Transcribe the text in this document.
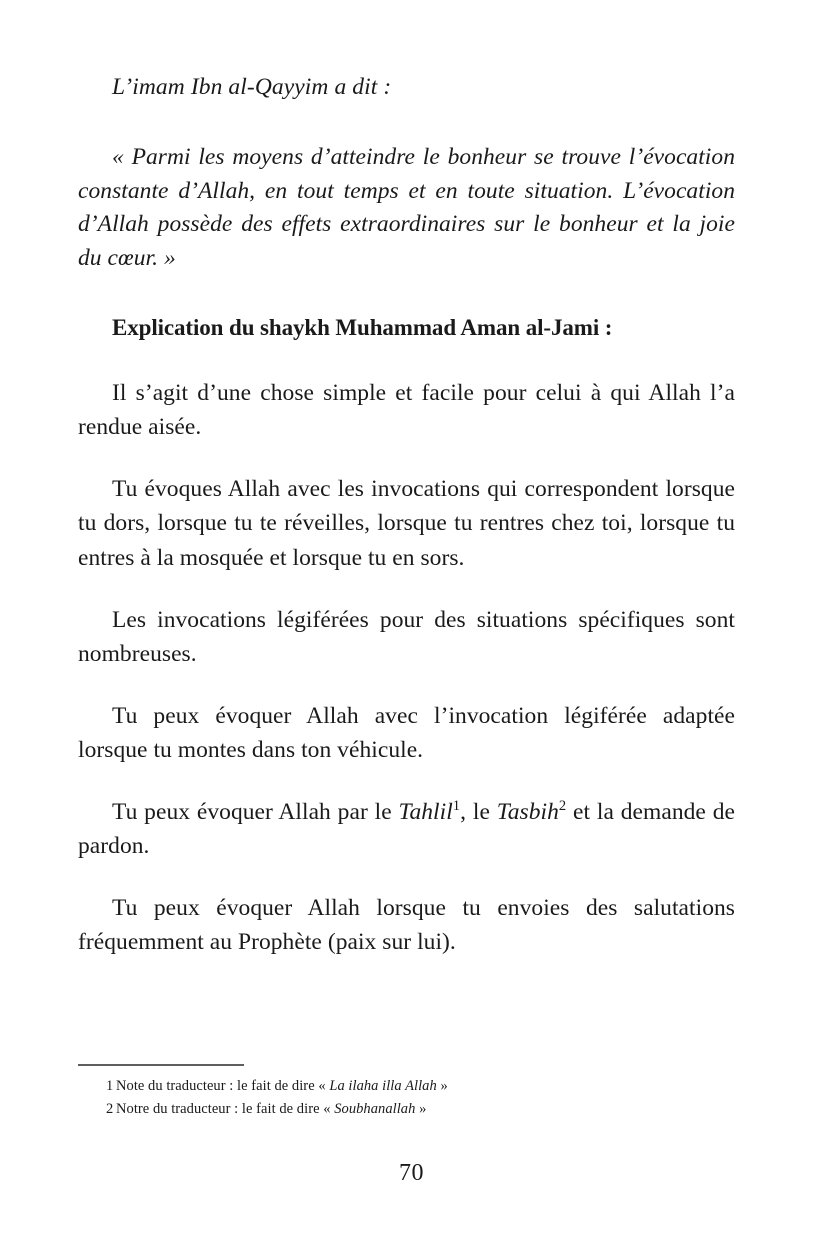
L’imam Ibn al-Qayyim a dit :

« Parmi les moyens d’atteindre le bonheur se trouve l’évocation constante d’Allah, en tout temps et en toute situation. L’évocation d’Allah possède des effets extraordinaires sur le bonheur et la joie du cœur. »

Explication du shaykh Muhammad Aman al-Jami :

Il s’agit d’une chose simple et facile pour celui à qui Allah l’a rendue aisée.

Tu évoques Allah avec les invocations qui correspondent lorsque tu dors, lorsque tu te réveilles, lorsque tu rentres chez toi, lorsque tu entres à la mosquée et lorsque tu en sors.

Les invocations légiférées pour des situations spécifiques sont nombreuses.

Tu peux évoquer Allah avec l’invocation légiférée adaptée lorsque tu montes dans ton véhicule.

Tu peux évoquer Allah par le Tahlil$^1$, le Tasbih$^2$ et la demande de pardon.

Tu peux évoquer Allah lorsque tu envoies des salutations fréquemment au Prophète (paix sur lui).

1 Note du traducteur : le fait de dire « La ilaha illa Allah »
2 Notre du traducteur : le fait de dire « Soubhanallah »
70
